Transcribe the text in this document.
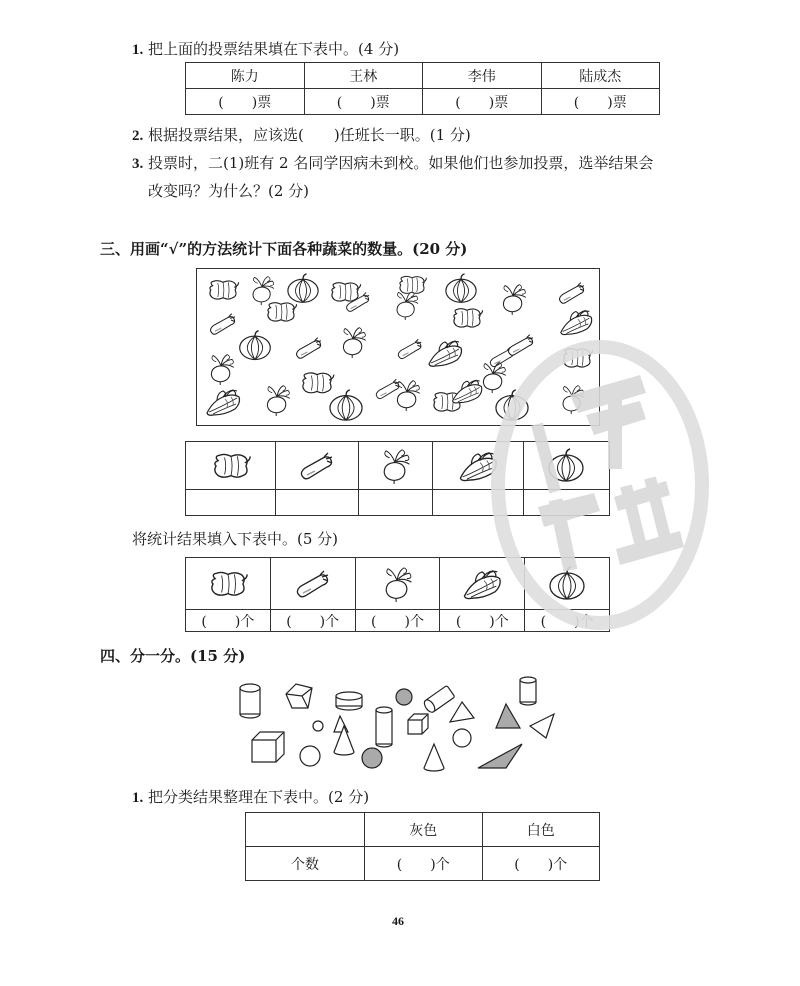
1. 把上面的投票结果填在下表中。(4 分)
陈力	王林	李伟	陆成杰
(　　)票	(　　)票	(　　)票	(　　)票
2. 根据投票结果，应该选(　　)任班长一职。(1 分)
3. 投票时，二(1)班有 2 名同学因病未到校。如果他们也参加投票，选举结果会
改变吗？为什么？(2 分)
三、用画“√”的方法统计下面各种蔬菜的数量。(20 分)

将统计结果填入下表中。(5 分)

(　　)个	(　　)个	(　　)个	(　　)个	(　　)个
四、分一分。(15 分)
1. 把分类结果整理在下表中。(2 分)
	灰色	白色
个数	(　　)个	(　　)个
46
